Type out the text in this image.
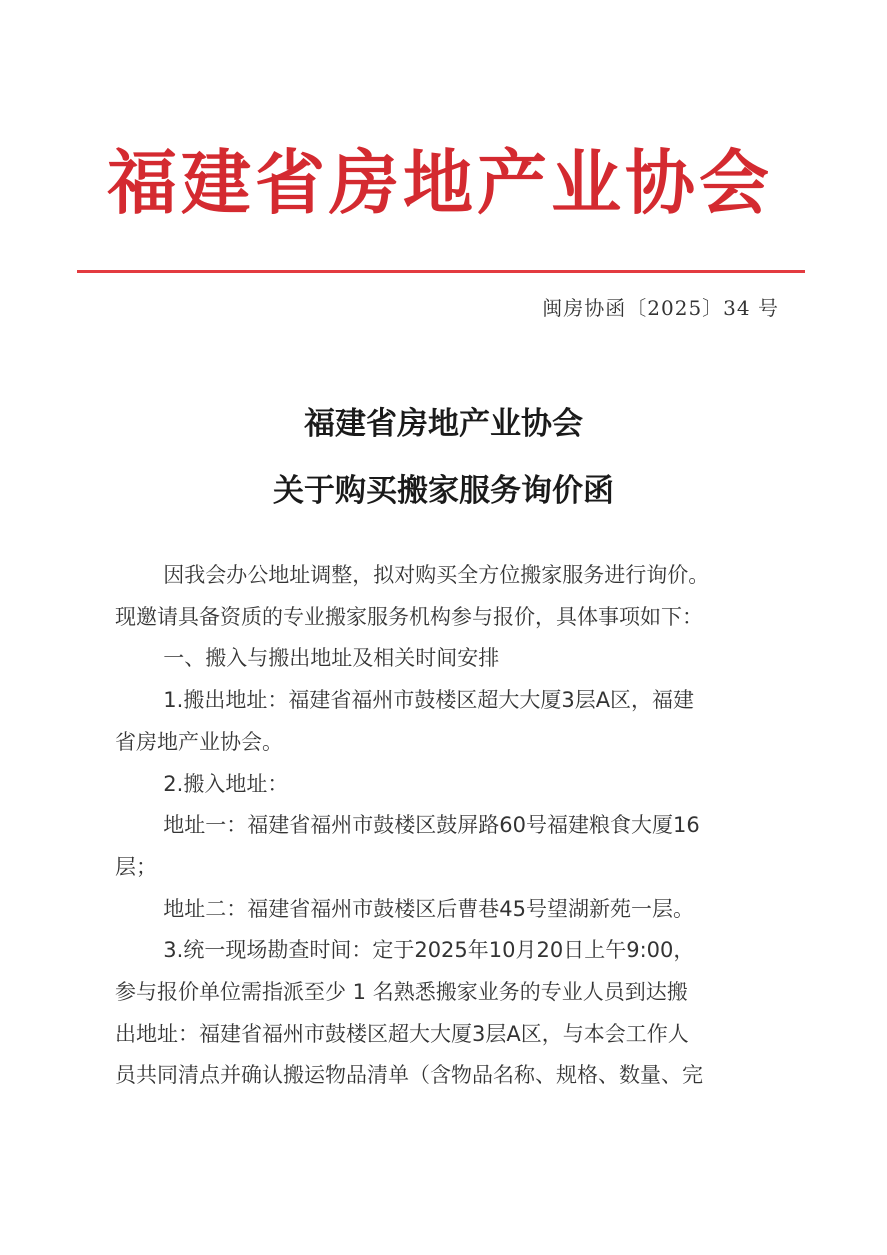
福建省房地产业协会
闽房协函〔2025〕34 号
福建省房地产业协会
关于购买搬家服务询价函

因我会办公地址调整，拟对购买全方位搬家服务进行询价。

现邀请具备资质的专业搬家服务机构参与报价，具体事项如下：

一、搬入与搬出地址及相关时间安排

1.搬出地址：福建省福州市鼓楼区超大大厦3层A区，福建

省房地产业协会。

2.搬入地址：

地址一：福建省福州市鼓楼区鼓屏路60号福建粮食大厦16

层；

地址二：福建省福州市鼓楼区后曹巷45号望湖新苑一层。

3.统一现场勘查时间：定于2025年10月20日上午9:00，

参与报价单位需指派至少 1 名熟悉搬家业务的专业人员到达搬

出地址：福建省福州市鼓楼区超大大厦3层A区，与本会工作人

员共同清点并确认搬运物品清单（含物品名称、规格、数量、完
